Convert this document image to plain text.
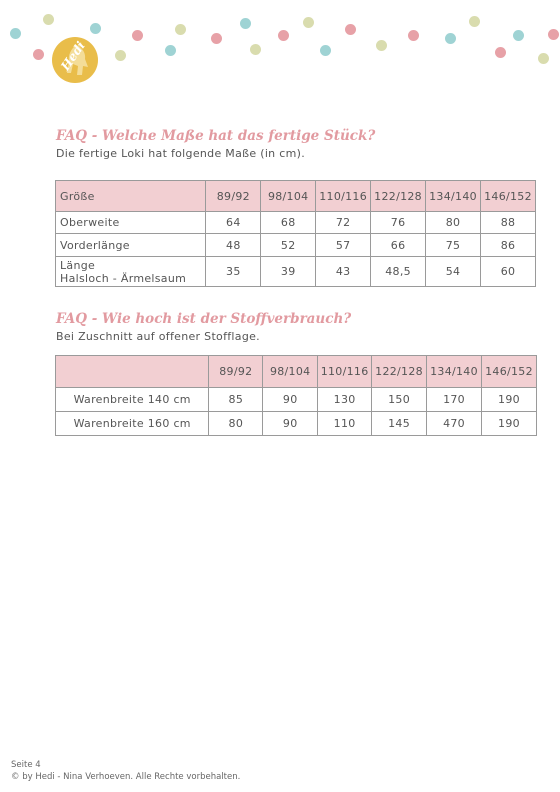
Hedi
FAQ - Welche Maße hat das fertige Stück?
Die fertige Loki hat folgende Maße (in cm).
Größe	89/92	98/104	110/116	122/128	134/140	146/152
Oberweite	64	68	72	76	80	88
Vorderlänge	48	52	57	66	75	86

Länge
Halsloch - Ärmelsaum	35	39	43	48,5	54	60
FAQ - Wie hoch ist der Stoffverbrauch?
Bei Zuschnitt auf offener Stofflage.
	89/92	98/104	110/116	122/128	134/140	146/152
Warenbreite 140 cm	85	90	130	150	170	190
Warenbreite 160 cm	80	90	110	145	470	190
Seite 4
© by Hedi - Nina Verhoeven. Alle Rechte vorbehalten.
